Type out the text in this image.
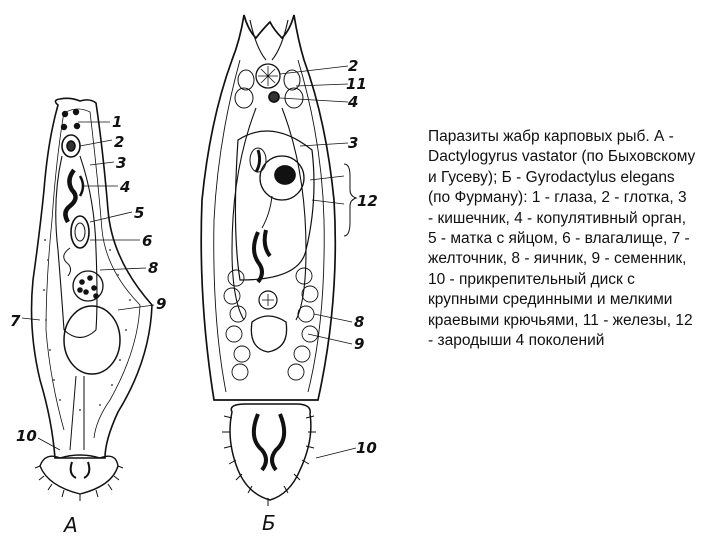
1
2
3
4
5
6
8
9
7
10
А
2
11
4
3
12
8
9
10
Б

Паразиты жабр карповых рыб. А - Dactylogyrus vastator (по Быховскому и Гусеву); Б - Gyrodactylus elegans (по Фурману): 1 - глаза, 2 - глотка, 3 - кишечник, 4 - копулятивный орган, 5 - матка с яйцом, 6 - влагалище, 7 - желточник, 8 - яичник, 9 - семенник, 10 - прикрепительный диск с крупными срединными и мелкими краевыми крючьями, 11 - железы, 12 - зародыши 4 поколений
